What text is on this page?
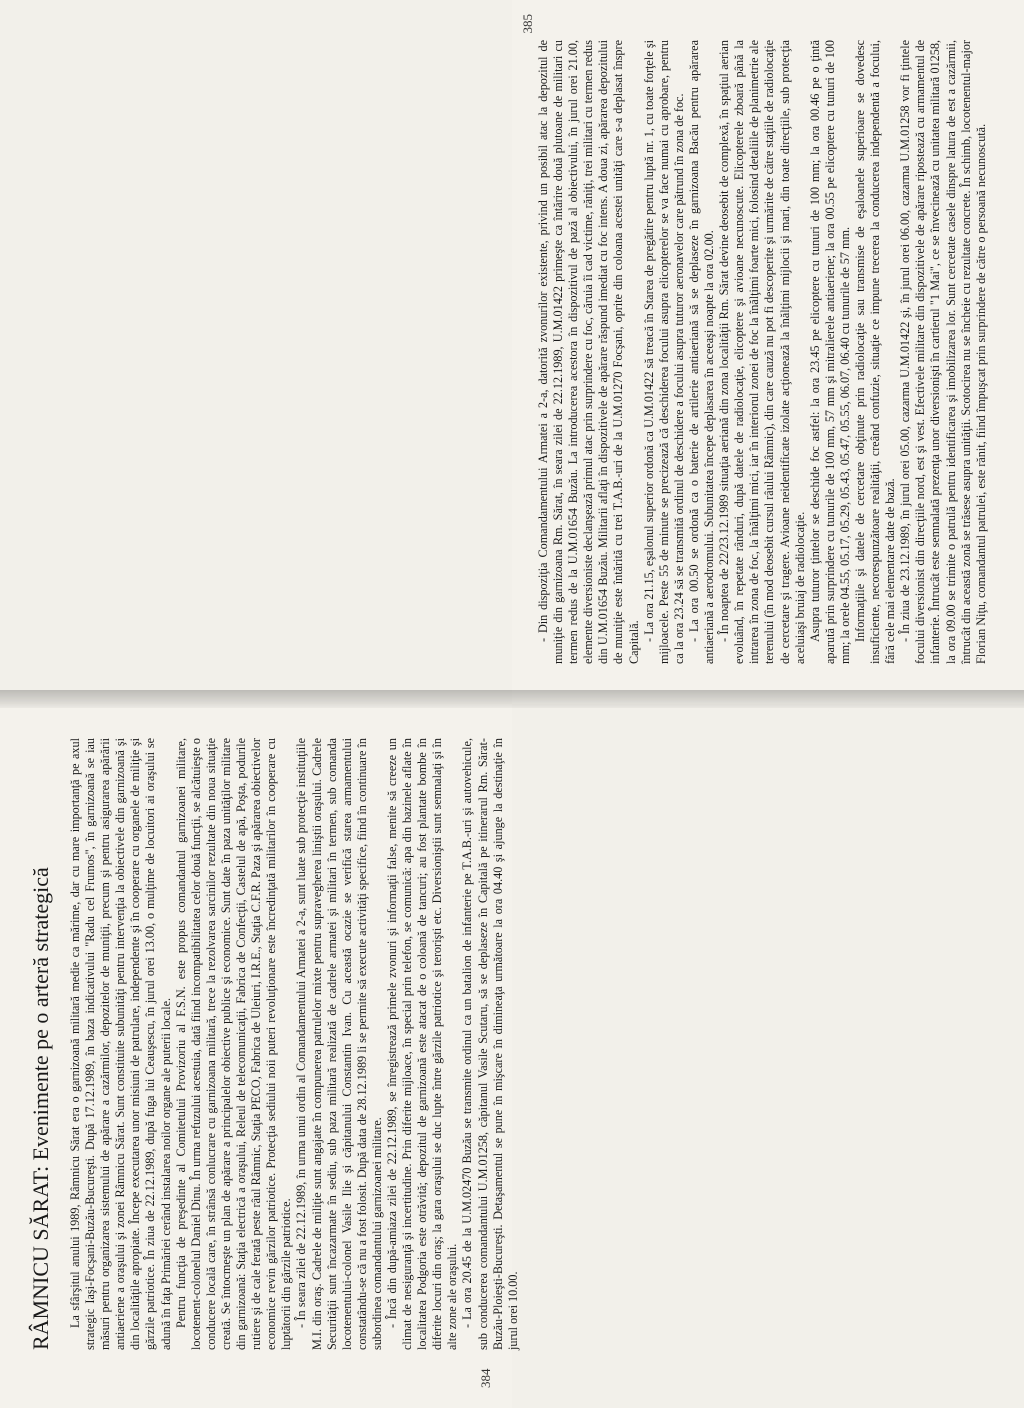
RÂMNICU SĂRAT: Evenimente pe o arteră strategică La sfârşitul anului 1989, Râmnicu Sărat era o garnizoană militară medie ca mărime, dar cu mare importanţă pe axul strategic Iaşi-Focşani-Buzău-Bucureşti. După 17.12.1989, în baza indicativului "Radu cel Frumos", în garnizoană se iau măsuri pentru organizarea sistemului de apărare a cazărmilor, depozitelor de muniţii, precum şi pentru asigurarea apărării antiaeriene a oraşului şi zonei Râmnicu Sărat. Sunt constituite subunităţi pentru intervenţia la obiectivele din garnizoană şi din localităţile apropiate. Începe executarea unor misiuni de patrulare, independente şi în cooperare cu organele de miliţie şi gărzile patriotice. În ziua de 22.12.1989, după fuga lui Ceauşescu, în jurul orei 13.00, o mulţime de locuitori ai oraşului se adună în faţa Primăriei cerând instalarea noilor organe ale puterii locale. Pentru funcţia de preşedinte al Comitetului Provizoriu al F.S.N. este propus comandantul garnizoanei militare, locotenent-colonelul Daniel Dinu. În urma refuzului acestuia, dată fiind incompatibilitatea celor două funcţii, se alcătuieşte o conducere locală care, în strânsă conlucrare cu garnizoana militară, trece la rezolvarea sarcinilor rezultate din noua situaţie creată. Se întocmeşte un plan de apărare a principalelor obiective publice şi economice. Sunt date în paza unităţilor militare din garnizoană: Staţia electrică a oraşului, Releul de telecomunicaţii, Fabrica de Confecţii, Castelul de apă, Poşta, podurile rutiere şi de cale ferată peste râul Râmnic, Staţia PECO, Fabrica de Uleiuri, I.R.E., Staţia C.F.R. Paza şi apărarea obiectivelor economice revin gărzilor patriotice. Protecţia sediului noii puteri revoluţionare este încredinţată militarilor în cooperare cu luptătorii din gărzile patriotice. - În seara zilei de 22.12.1989, în urma unui ordin al Comandamentului Armatei a 2-a, sunt luate sub protecţie instituţiile M.I. din oraş. Cadrele de miliţie sunt angajate în compunerea patrulelor mixte pentru supravegherea liniştii oraşului. Cadrele Securităţii sunt încazarmate în sediu, sub paza militară realizată de cadrele armatei şi militari în termen, sub comanda locotenentului-colonel Vasile Ilie şi căpitanului Constantin Ivan. Cu această ocazie se verifică starea armamentului constatându-se că nu a fost folosit. După data de 28.12.1989 li se permite să execute activităţi specifice, fiind în continuare în subordinea comandantului garnizoanei militare. - Încă din după-amiaza zilei de 22.12.1989, se înregistrează primele zvonuri şi informaţii false, menite să creeze un climat de nesiguranţă şi incertitudine. Prin diferite mijloace, în special prin telefon, se comunică: apa din bazinele aflate în localitatea Podgoria este otrăvită; depozitul de garnizoană este atacat de o coloană de tancuri; au fost plantate bombe în diferite locuri din oraş; la gara oraşului se duc lupte între gărzile patriotice şi terorişti etc. Diversioniştii sunt semnalaţi şi în alte zone ale oraşului. - La ora 20.45 de la U.M.02470 Buzău se transmite ordinul ca un batalion de infanterie pe T.A.B.-uri şi autovehicule, sub conducerea comandantului U.M.01258, căpitanul Vasile Scutaru, să se deplaseze în Capitală pe itinerarul Rm. Sărat-Buzău-Ploieşti-Bucureşti. Detaşamentul se pune în mişcare în dimineaţa următoare la ora 04.40 şi ajunge la destinaţie în jurul orei 10.00.

384

- Din dispoziţia Comandamentului Armatei a 2-a, datorită zvonurilor existente, privind un posibil atac la depozitul de muniţie din garnizoana Rm. Sărat, în seara zilei de 22.12.1989, U.M.01422 primeşte ca întărire două plutoane de militari cu termen redus de la U.M.01654 Buzău. La introducerea acestora în dispozitivul de pază al obiectivului, în jurul orei 21.00, elemente diversioniste declanşează primul atac prin surprindere cu foc, căruia îi cad victime, răniţi, trei militari cu termen redus din U.M.01654 Buzău. Militarii aflaţi în dispozitivele de apărare răspund imediat cu foc intens. A doua zi, apărarea depozitului de muniţie este întărită cu trei T.A.B.-uri de la U.M.01270 Focşani, oprite din coloana acestei unităţi care s-a deplasat înspre Capitală.

- La ora 21.15, eşalonul superior ordonă ca U.M.01422 să treacă în Starea de pregătire pentru luptă nr. 1, cu toate forţele şi mijloacele. Peste 55 de minute se precizează că deschiderea focului asupra elicopterelor se va face numai cu aprobare, pentru ca la ora 23.24 să se transmită ordinul de deschidere a focului asupra tuturor aeronavelor care pătrund în zona de foc. - La ora 00.50 se ordonă ca o baterie de artilerie antiaeriană să se deplaseze în garnizoana Bacău pentru apărarea antiaeriană a aerodromului. Subunitatea începe deplasarea în aceeaşi noapte la ora 02.00. - În noaptea de 22/23.12.1989 situaţia aeriană din zona localităţii Rm. Sărat devine deosebit de complexă, în spaţiul aerian evoluând, în repetate rânduri, după datele de radiolocaţie, elicoptere şi avioane necunoscute. Elicopterele zboară până la intrarea în zona de foc, la înălţimi mici, iar în interiorul zonei de foc la înălţimi foarte mici, folosind detaliile de planimetrie ale terenului (în mod deosebit cursul râului Râmnic), din care cauză nu pot fi descoperite şi urmărite de către staţiile de radiolocaţie de cercetare şi tragere. Avioane neidentificate izolate acţionează la înălţimi mijlocii şi mari, din toate direcţiile, sub protecţia aceluiaşi bruiaj de radiolocaţie. Asupra tuturor ţintelor se deschide foc astfel: la ora 23.45 pe elicoptere cu tunuri de 100 mm; la ora 00.46 pe o ţintă aparută prin surprindere cu tunurile de 100 mm, 57 mm şi mitralierele antiaeriene; la ora 00.55 pe elicoptere cu tunuri de 100 mm; la orele 04.55, 05.17, 05.29, 05.43, 05.47, 05.55, 06.07, 06.40 cu tunurile de 57 mm. Informaţiile şi datele de cercetare obţinute prin radiolocaţie sau transmise de eşaloanele superioare se dovedesc insuficiente, necorespunzătoare realităţii, creând confuzie, situaţie ce impune trecerea la conducerea independentă a focului, fără cele mai elementare date de bază. - În ziua de 23.12.1989, în jurul orei 05.00, cazarma U.M.01422 şi, în jurul orei 06.00, cazarma U.M.01258 vor fi ţintele focului diversionist din direcţiile nord, est şi vest. Efectivele militare din dispozitivele de apărare ripostează cu armamentul de infanterie. Întrucât este semnalată prezenţa unor diversionişti în cartierul "1 Mai", ce se învecinează cu unitatea militară 01258, la ora 09.00 se trimite o patrulă pentru identificarea şi imobilizarea lor. Sunt cercetate casele dinspre latura de est a cazărmii, întrucât din această zonă se trăsese asupra unităţii. Scotocirea nu se încheie cu rezultate concrete. În schimb, locotenentul-major Florian Niţu, comandantul patrulei, este rănit, fiind împuşcat prin surprindere de către o persoană necunoscută.

385
